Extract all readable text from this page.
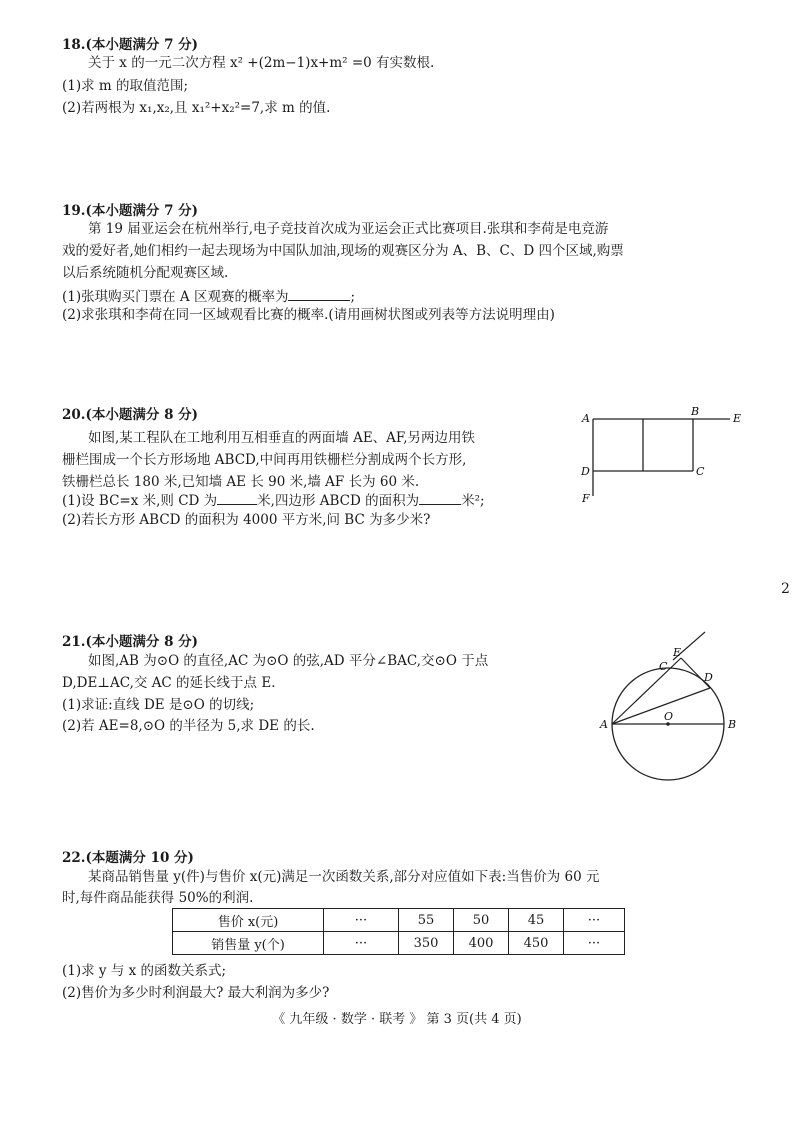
18.(本小题满分 7 分)
关于 x 的一元二次方程 x² +(2m−1)x+m² =0 有实数根.
(1)求 m 的取值范围;
(2)若两根为 x₁,x₂,且 x₁²+x₂²=7,求 m 的值.
19.(本小题满分 7 分)
第 19 届亚运会在杭州举行,电子竞技首次成为亚运会正式比赛项目.张琪和李荷是电竞游
戏的爱好者,她们相约一起去现场为中国队加油,现场的观赛区分为 A、B、C、D 四个区域,购票
以后系统随机分配观赛区域.
(1)张琪购买门票在 A 区观赛的概率为	;
(2)求张琪和李荷在同一区域观看比赛的概率.(请用画树状图或列表等方法说明理由)
20.(本小题满分 8 分)
如图,某工程队在工地利用互相垂直的两面墙 AE、AF,另两边用铁
栅栏围成一个长方形场地 ABCD,中间再用铁栅栏分割成两个长方形,
铁栅栏总长 180 米,已知墙 AE 长 90 米,墙 AF 长为 60 米.
(1)设 BC=x 米,则 CD 为	米,四边形 ABCD 的面积为	米²;
(2)若长方形 ABCD 的面积为 4000 平方米,问 BC 为多少米?
A
B
E
D	C
F
2
21.(本小题满分 8 分)
如图,AB 为⊙O 的直径,AC 为⊙O 的弦,AD 平分∠BAC,交⊙O 于点
D,DE⊥AC,交 AC 的延长线于点 E.
(1)求证:直线 DE 是⊙O 的切线;
(2)若 AE=8,⊙O 的半径为 5,求 DE 的长.	A	B
O
C
E
D
22.(本题满分 10 分)
某商品销售量 y(件)与售价 x(元)满足一次函数关系,部分对应值如下表:当售价为 60 元
时,每件商品能获得 50%的利润.
售价 x(元)	···	55	50	45	···
销售量 y(个)	···	350	400	450	···
(1)求 y 与 x 的函数关系式;
(2)售价为多少时利润最大? 最大利润为多少?
《 九年级 · 数学 · 联考 》 第 3 页(共 4 页)
